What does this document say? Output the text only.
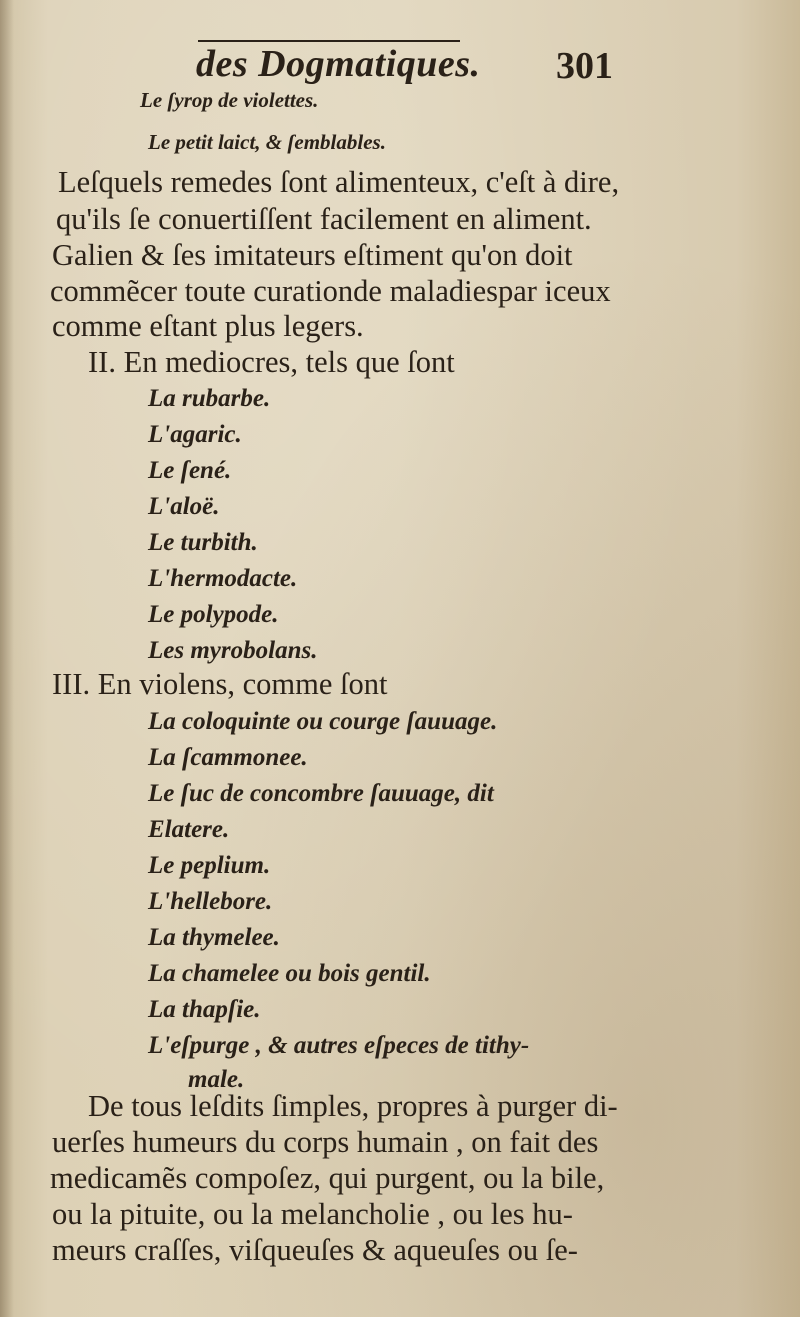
des Dogmatiques. 301
Le ſyrop de violettes.
Le petit laict, & ſemblables.
Leſquels remedes ſont alimenteux, c'eſt à dire,
qu'ils ſe conuertiſſent facilement en aliment.
Galien & ſes imitateurs eſtiment qu'on doit
commẽcer toute curationde maladiespar iceux
comme eſtant plus legers.
II. En mediocres, tels que ſont
La rubarbe.
L'agaric.
Le ſené.
L'aloë.
Le turbith.
L'hermodacte.
Le polypode.
Les myrobolans.
III. En violens, comme ſont
La coloquinte ou courge ſauuage.
La ſcammonee.
Le ſuc de concombre ſauuage, dit
Elatere.
Le peplium.
L'hellebore.
La thymelee.
La chamelee ou bois gentil.
La thapſie.
L'eſpurge , & autres eſpeces de tithy-
male.
De tous leſdits ſimples, propres à purger di-
uerſes humeurs du corps humain , on fait des
medicamẽs compoſez, qui purgent, ou la bile,
ou la pituite, ou la melancholie , ou les hu-
meurs craſſes, viſqueuſes & aqueuſes ou ſe-
